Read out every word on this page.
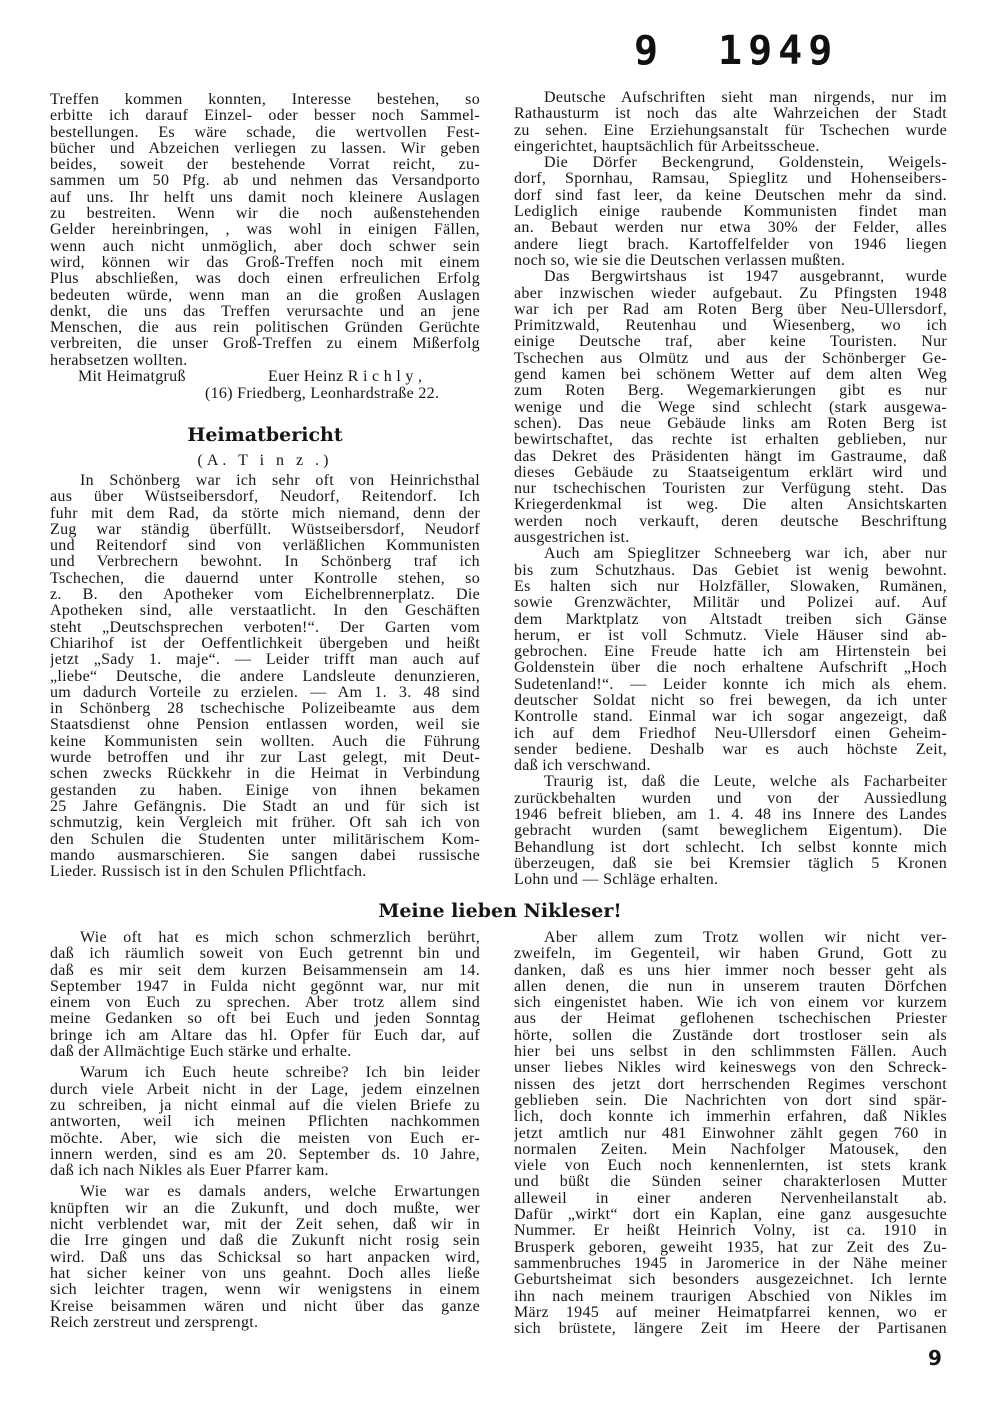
9 1949
Treffen kommen konnten, Interesse bestehen, so
erbitte ich darauf Einzel- oder besser noch Sammel-
bestellungen. Es wäre schade, die wertvollen Fest-
bücher und Abzeichen verliegen zu lassen. Wir geben
beides, soweit der bestehende Vorrat reicht, zu-
sammen um 50 Pfg. ab und nehmen das Versandporto
auf uns. Ihr helft uns damit noch kleinere Auslagen
zu bestreiten. Wenn wir die noch außenstehenden
Gelder hereinbringen, , was wohl in einigen Fällen,
wenn auch nicht unmöglich, aber doch schwer sein
wird, können wir das Groß-Treffen noch mit einem
Plus abschließen, was doch einen erfreulichen Erfolg
bedeuten würde, wenn man an die großen Auslagen
denkt, die uns das Treffen verursachte und an jene
Menschen, die aus rein politischen Gründen Gerüchte
verbreiten, die unser Groß-Treffen zu einem Mißerfolg
herabsetzen wollten.
Mit Heimatgruß	Euer Heinz R i c h l y ,
(16) Friedberg, Leonhardstraße 22.
Heimatbericht
(A. T i n z .)
In Schönberg war ich sehr oft von Heinrichsthal
aus über Wüstseibersdorf, Neudorf, Reitendorf. Ich
fuhr mit dem Rad, da störte mich niemand, denn der
Zug war ständig überfüllt. Wüstseibersdorf, Neudorf
und Reitendorf sind von verläßlichen Kommunisten
und Verbrechern bewohnt. In Schönberg traf ich
Tschechen, die dauernd unter Kontrolle stehen, so
z. B. den Apotheker vom Eichelbrennerplatz. Die
Apotheken sind, alle verstaatlicht. In den Geschäften
steht „Deutschsprechen verboten!“. Der Garten vom
Chiarihof ist der Oeffentlichkeit übergeben und heißt
jetzt „Sady 1. maje“. — Leider trifft man auch auf
„liebe“ Deutsche, die andere Landsleute denunzieren,
um dadurch Vorteile zu erzielen. — Am 1. 3. 48 sind
in Schönberg 28 tschechische Polizeibeamte aus dem
Staatsdienst ohne Pension entlassen worden, weil sie
keine Kommunisten sein wollten. Auch die Führung
wurde betroffen und ihr zur Last gelegt, mit Deut-
schen zwecks Rückkehr in die Heimat in Verbindung
gestanden zu haben. Einige von ihnen bekamen
25 Jahre Gefängnis. Die Stadt an und für sich ist
schmutzig, kein Vergleich mit früher. Oft sah ich von
den Schulen die Studenten unter militärischem Kom-
mando ausmarschieren. Sie sangen dabei russische
Lieder. Russisch ist in den Schulen Pflichtfach.
Deutsche Aufschriften sieht man nirgends, nur im
Rathausturm ist noch das alte Wahrzeichen der Stadt
zu sehen. Eine Erziehungsanstalt für Tschechen wurde
eingerichtet, hauptsächlich für Arbeitsscheue.
Die Dörfer Beckengrund, Goldenstein, Weigels-
dorf, Spornhau, Ramsau, Spieglitz und Hohenseibers-
dorf sind fast leer, da keine Deutschen mehr da sind.
Lediglich einige raubende Kommunisten findet man
an. Bebaut werden nur etwa 30% der Felder, alles
andere liegt brach. Kartoffelfelder von 1946 liegen
noch so, wie sie die Deutschen verlassen mußten.
Das Bergwirtshaus ist 1947 ausgebrannt, wurde
aber inzwischen wieder aufgebaut. Zu Pfingsten 1948
war ich per Rad am Roten Berg über Neu-Ullersdorf,
Primitzwald, Reutenhau und Wiesenberg, wo ich
einige Deutsche traf, aber keine Touristen. Nur
Tschechen aus Olmütz und aus der Schönberger Ge-
gend kamen bei schönem Wetter auf dem alten Weg
zum Roten Berg. Wegemarkierungen gibt es nur
wenige und die Wege sind schlecht (stark ausgewa-
schen). Das neue Gebäude links am Roten Berg ist
bewirtschaftet, das rechte ist erhalten geblieben, nur
das Dekret des Präsidenten hängt im Gastraume, daß
dieses Gebäude zu Staatseigentum erklärt wird und
nur tschechischen Touristen zur Verfügung steht. Das
Kriegerdenkmal ist weg. Die alten Ansichtskarten
werden noch verkauft, deren deutsche Beschriftung
ausgestrichen ist.
Auch am Spieglitzer Schneeberg war ich, aber nur
bis zum Schutzhaus. Das Gebiet ist wenig bewohnt.
Es halten sich nur Holzfäller, Slowaken, Rumänen,
sowie Grenzwächter, Militär und Polizei auf. Auf
dem Marktplatz von Altstadt treiben sich Gänse
herum, er ist voll Schmutz. Viele Häuser sind ab-
gebrochen. Eine Freude hatte ich am Hirtenstein bei
Goldenstein über die noch erhaltene Aufschrift „Hoch
Sudetenland!“. — Leider konnte ich mich als ehem.
deutscher Soldat nicht so frei bewegen, da ich unter
Kontrolle stand. Einmal war ich sogar angezeigt, daß
ich auf dem Friedhof Neu-Ullersdorf einen Geheim-
sender bediene. Deshalb war es auch höchste Zeit,
daß ich verschwand.
Traurig ist, daß die Leute, welche als Facharbeiter
zurückbehalten wurden und von der Aussiedlung
1946 befreit blieben, am 1. 4. 48 ins Innere des Landes
gebracht wurden (samt beweglichem Eigentum). Die
Behandlung ist dort schlecht. Ich selbst konnte mich
überzeugen, daß sie bei Kremsier täglich 5 Kronen
Lohn und — Schläge erhalten.
Meine lieben Nikleser!
Wie oft hat es mich schon schmerzlich berührt,
daß ich räumlich soweit von Euch getrennt bin und
daß es mir seit dem kurzen Beisammensein am 14.
September 1947 in Fulda nicht gegönnt war, nur mit
einem von Euch zu sprechen. Aber trotz allem sind
meine Gedanken so oft bei Euch und jeden Sonntag
bringe ich am Altare das hl. Opfer für Euch dar, auf
daß der Allmächtige Euch stärke und erhalte.
Warum ich Euch heute schreibe? Ich bin leider
durch viele Arbeit nicht in der Lage, jedem einzelnen
zu schreiben, ja nicht einmal auf die vielen Briefe zu
antworten, weil ich meinen Pflichten nachkommen
möchte. Aber, wie sich die meisten von Euch er-
innern werden, sind es am 20. September ds. 10 Jahre,
daß ich nach Nikles als Euer Pfarrer kam.
Wie war es damals anders, welche Erwartungen
knüpften wir an die Zukunft, und doch mußte, wer
nicht verblendet war, mit der Zeit sehen, daß wir in
die Irre gingen und daß die Zukunft nicht rosig sein
wird. Daß uns das Schicksal so hart anpacken wird,
hat sicher keiner von uns geahnt. Doch alles ließe
sich leichter tragen, wenn wir wenigstens in einem
Kreise beisammen wären und nicht über das ganze
Reich zerstreut und zersprengt.
Aber allem zum Trotz wollen wir nicht ver-
zweifeln, im Gegenteil, wir haben Grund, Gott zu
danken, daß es uns hier immer noch besser geht als
allen denen, die nun in unserem trauten Dörfchen
sich eingenistet haben. Wie ich von einem vor kurzem
aus der Heimat geflohenen tschechischen Priester
hörte, sollen die Zustände dort trostloser sein als
hier bei uns selbst in den schlimmsten Fällen. Auch
unser liebes Nikles wird keineswegs von den Schreck-
nissen des jetzt dort herrschenden Regimes verschont
geblieben sein. Die Nachrichten von dort sind spär-
lich, doch konnte ich immerhin erfahren, daß Nikles
jetzt amtlich nur 481 Einwohner zählt gegen 760 in
normalen Zeiten. Mein Nachfolger Matousek, den
viele von Euch noch kennenlernten, ist stets krank
und büßt die Sünden seiner charakterlosen Mutter
alleweil in einer anderen Nervenheilanstalt ab.
Dafür „wirkt“ dort ein Kaplan, eine ganz ausgesuchte
Nummer. Er heißt Heinrich Volny, ist ca. 1910 in
Brusperk geboren, geweiht 1935, hat zur Zeit des Zu-
sammenbruches 1945 in Jaromerice in der Nähe meiner
Geburtsheimat sich besonders ausgezeichnet. Ich lernte
ihn nach meinem traurigen Abschied von Nikles im
März 1945 auf meiner Heimatpfarrei kennen, wo er
sich brüstete, längere Zeit im Heere der Partisanen
9
